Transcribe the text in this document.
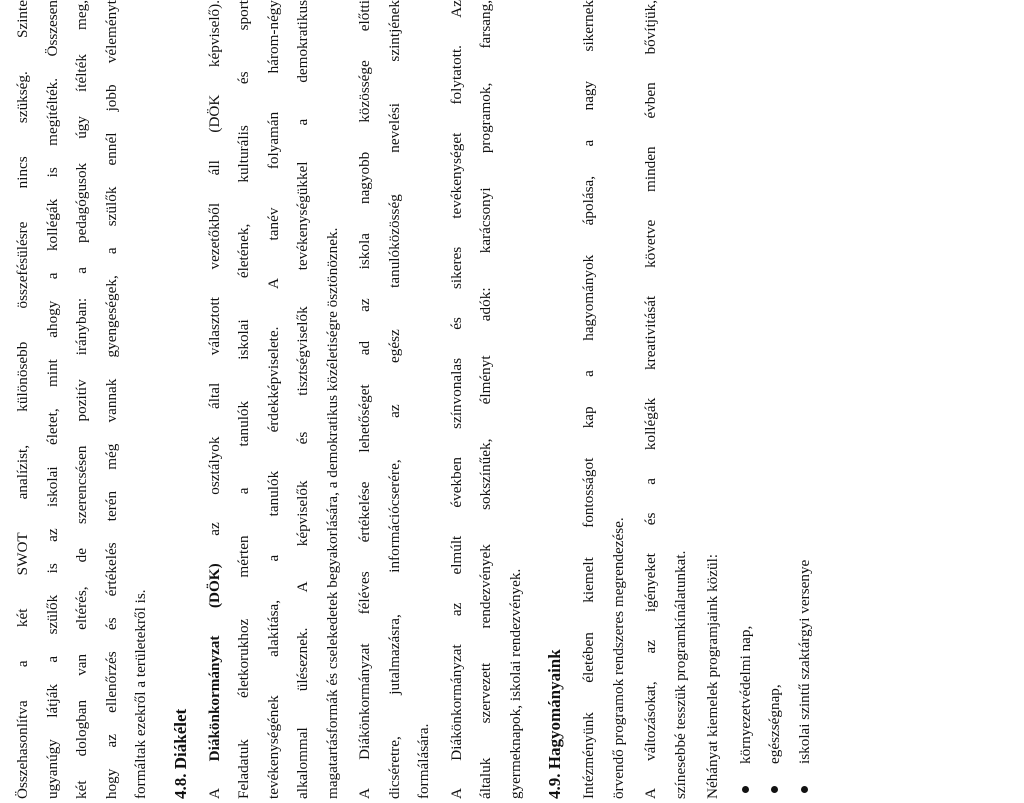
Összehasonlítva a két SWOT analízist, különösebb összefésülésre nincs szükség. Szinte ugyanúgy látják a szülők is az iskolai életet, mint ahogy a kollégák is megítélték. Összesen két dologban van eltérés, de szerencsésen pozitív irányban: a pedagógusok úgy ítélték meg, hogy az ellenőrzés és értékelés terén még vannak gyengeségek, a szülők ennél jobb véleményt formáltak ezekről a területekről is.	4.8. Diákélet	A Diákönkormányzat (DÖK) az osztályok által választott vezetőkből áll (DÖK képviselő). Feladatuk életkorukhoz mérten a tanulók iskolai életének, kulturális és sport tevékenységének alakítása, a tanulók érdekképviselete. A tanév folyamán három-négy alkalommal üléseznek. A képviselők és tisztségviselők tevékenységükkel a demokratikus magatartásformák és cselekedetek begyakorlására, a demokratikus közéletiségre ösztönöznek.	A Diákönkormányzat féléves értékelése lehetőséget ad az iskola nagyobb közössége előtti dicséretre, jutalmazásra, információcserére, az egész tanulóközösség nevelési szintjének formálására.	A Diákönkormányzat az elmúlt években színvonalas és sikeres tevékenységet folytatott. Az általuk szervezett rendezvények sokszínűek, élményt adók: karácsonyi programok, farsang, gyermeknapok, iskolai rendezvények.	4.9. Hagyományaink	Intézményünk életében kiemelt fontosságot kap a hagyományok ápolása, a nagy sikernek örvendő programok rendszeres megrendezése.	A változásokat, az igényeket és a kollégák kreativitását követve minden évben bővítjük, színesebbé tesszük programkínálatunkat.	Néhányat kiemelek programjaink közül:	környezetvédelmi nap, egészségnap, iskolai szintű szaktárgyi versenye
